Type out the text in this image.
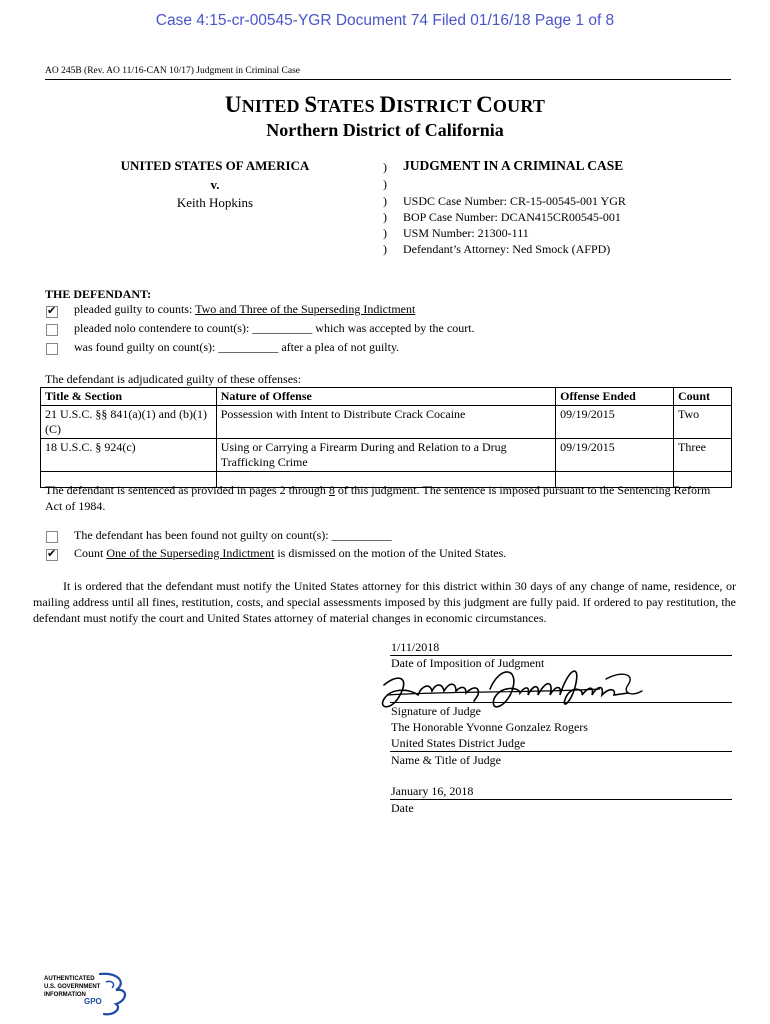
Case 4:15-cr-00545-YGR Document 74 Filed 01/16/18 Page 1 of 8
AO 245B (Rev. AO 11/16-CAN 10/17) Judgment in Criminal Case
UNITED STATES DISTRICT COURT
Northern District of California
UNITED STATES OF AMERICA
v.
Keith Hopkins
)
)
)
)
)
)
JUDGMENT IN A CRIMINAL CASE
USDC Case Number: CR-15-00545-001 YGR
BOP Case Number: DCAN415CR00545-001
USM Number: 21300-111
Defendant’s Attorney: Ned Smock (AFPD)
THE DEFENDANT:
✔
pleaded guilty to counts: Two and Three of the Superseding Indictment
pleaded nolo contendere to count(s): __________ which was accepted by the court.
was found guilty on count(s): __________ after a plea of not guilty.
The defendant is adjudicated guilty of these offenses:
Title & Section	Nature of Offense	Offense Ended	Count
21 U.S.C. §§ 841(a)(1) and (b)(1)(C)	Possession with Intent to Distribute Crack Cocaine	09/19/2015	Two
18 U.S.C. § 924(c)	Using or Carrying a Firearm During and Relation to a Drug Trafficking Crime	09/19/2015	Three

The defendant is sentenced as provided in pages 2 through 8 of this judgment. The sentence is imposed pursuant to the Sentencing Reform Act of 1984.
The defendant has been found not guilty on count(s): __________
✔
Count One of the Superseding Indictment is dismissed on the motion of the United States.
It is ordered that the defendant must notify the United States attorney for this district within 30 days of any change of name, residence, or mailing address until all fines, restitution, costs, and special assessments imposed by this judgment are fully paid. If ordered to pay restitution, the defendant must notify the court and United States attorney of material changes in economic circumstances.
1/11/2018
Date of Imposition of Judgment
Signature of Judge
The Honorable Yvonne Gonzalez Rogers
United States District Judge
Name & Title of Judge
January 16, 2018
Date
AUTHENTICATED
U.S. GOVERNMENT
INFORMATION
GPO
